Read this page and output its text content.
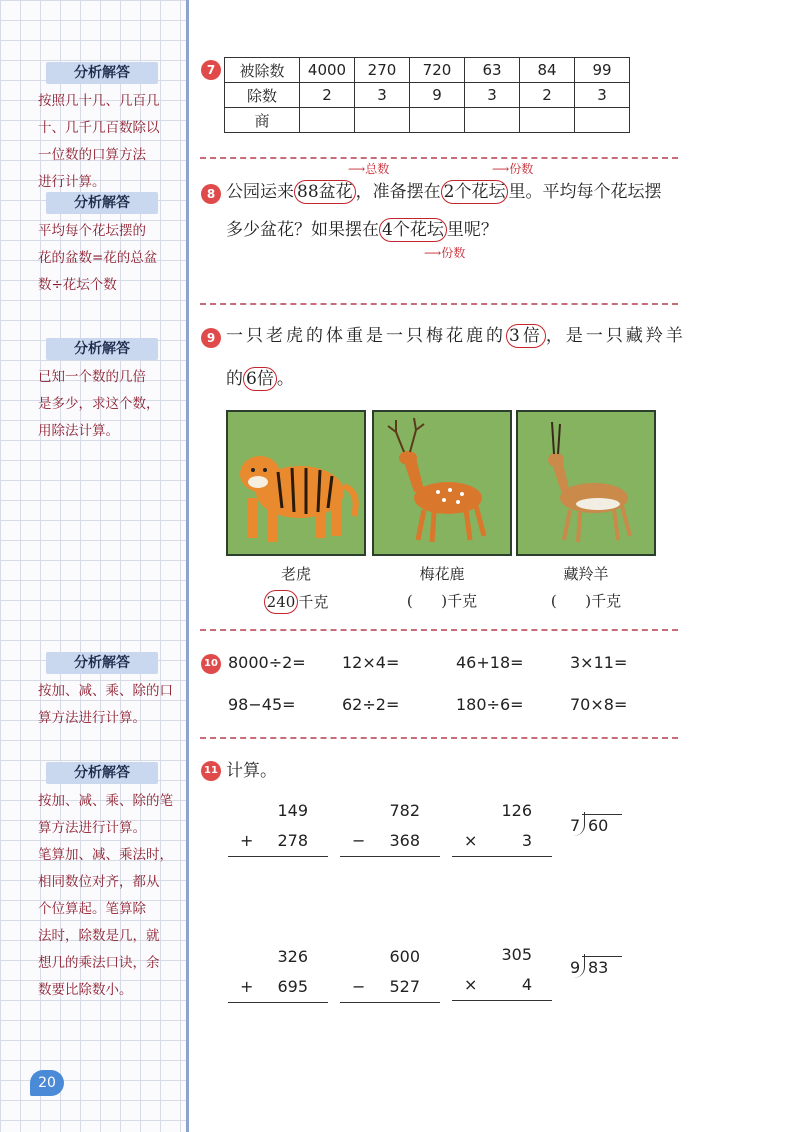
分析解答
按照几十几、几百几
十、几千几百数除以
一位数的口算方法
进行计算。
分析解答
平均每个花坛摆的
花的盆数=花的总盆
数÷花坛个数
分析解答
已知一个数的几倍
是多少，求这个数，
用除法计算。
分析解答
按加、减、乘、除的口
算方法进行计算。
分析解答
按加、减、乘、除的笔
算方法进行计算。
笔算加、减、乘法时，
相同数位对齐，都从
个位算起。笔算除
法时，除数是几，就
想几的乘法口诀，余
数要比除数小。
7	被除数	4000	270	720	63	84	99
除数	2	3	9	3	2	3
商						
⟶总数	⟶份数
8 公园运来 88盆花 ，准备摆在 2个花坛 里。平均每个花坛摆
多少盆花？如果摆在 4个花坛 里呢？
⟶份数
9 一只老虎的体重是一只梅花鹿的 3倍 ，是一只藏羚羊
的 6倍 。
老虎	梅花鹿	藏羚羊
240 千克	(      )千克	(      )千克
10 8000÷2= 12×4=	46+18=	3×11=
98−45=	62÷2=	180÷6=	70×8=
11 计算。
149
+ 278
782
− 368
126
×	3
7 60
326
+ 695
600
− 527
305
×	4
9 83
20
